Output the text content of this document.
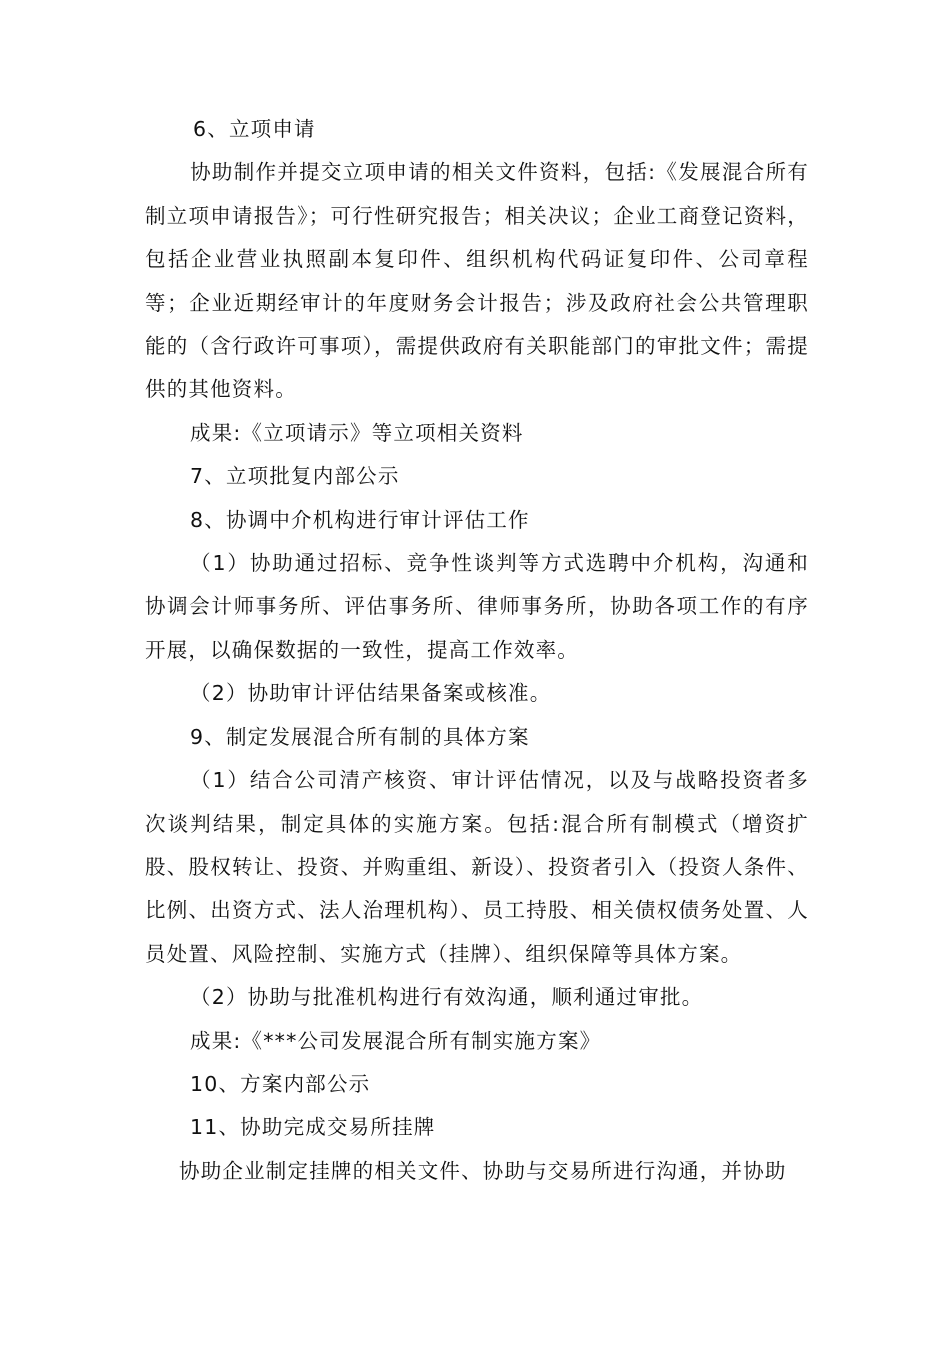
6、立项申请

协助制作并提交立项申请的相关文件资料，包括:《发展混合所有制立项申请报告》；可行性研究报告；相关决议；企业工商登记资料，包括企业营业执照副本复印件、组织机构代码证复印件、公司章程等；企业近期经审计的年度财务会计报告；涉及政府社会公共管理职能的（含行政许可事项），需提供政府有关职能部门的审批文件；需提供的其他资料。

成果:《立项请示》等立项相关资料

7、立项批复内部公示

8、协调中介机构进行审计评估工作

（1）协助通过招标、竞争性谈判等方式选聘中介机构，沟通和协调会计师事务所、评估事务所、律师事务所，协助各项工作的有序开展，以确保数据的一致性，提高工作效率。

（2）协助审计评估结果备案或核准。

9、制定发展混合所有制的具体方案

（1）结合公司清产核资、审计评估情况，以及与战略投资者多次谈判结果，制定具体的实施方案。包括:混合所有制模式（增资扩股、股权转让、投资、并购重组、新设）、投资者引入（投资人条件、比例、出资方式、法人治理机构）、员工持股、相关债权债务处置、人员处置、风险控制、实施方式（挂牌）、组织保障等具体方案。

（2）协助与批准机构进行有效沟通，顺利通过审批。

成果:《***公司发展混合所有制实施方案》

10、方案内部公示

11、协助完成交易所挂牌

协助企业制定挂牌的相关文件、协助与交易所进行沟通，并协助
